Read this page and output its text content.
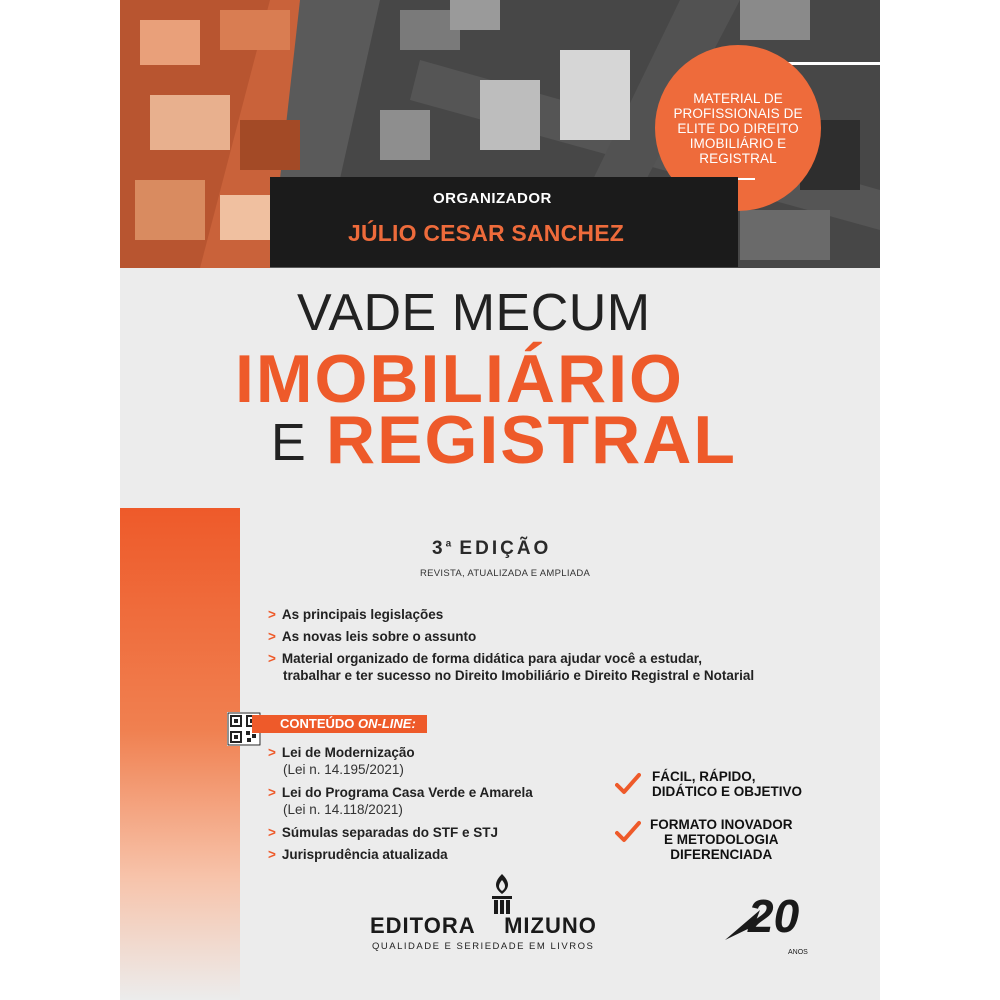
MATERIAL DE PROFISSIONAIS DE ELITE DO DIREITO IMOBILIÁRIO E REGISTRAL
ORGANIZADOR
JÚLIO CESAR SANCHEZ
VADE MECUM
IMOBILIÁRIO
E REGISTRAL
3$^a$ EDIÇÃO
REVISTA, ATUALIZADA E AMPLIADA
> As principais legislações
> As novas leis sobre o assunto
> Material organizado de forma didática para ajudar você a estudar,
trabalhar e ter sucesso no Direito Imobiliário e Direito Registral e Notarial
CONTEÚDO ON-LINE:
> Lei de Modernização
(Lei n. 14.195/2021)
> Lei do Programa Casa Verde e Amarela
(Lei n. 14.118/2021)
> Súmulas separadas do STF e STJ
> Jurisprudência atualizada
FÁCIL, RÁPIDO,
DIDÁTICO E OBJETIVO
FORMATO INOVADOR
E METODOLOGIA
DIFERENCIADA
EDITORA MIZUNO
QUALIDADE E SERIEDADE EM LIVROS
20
ANOS
